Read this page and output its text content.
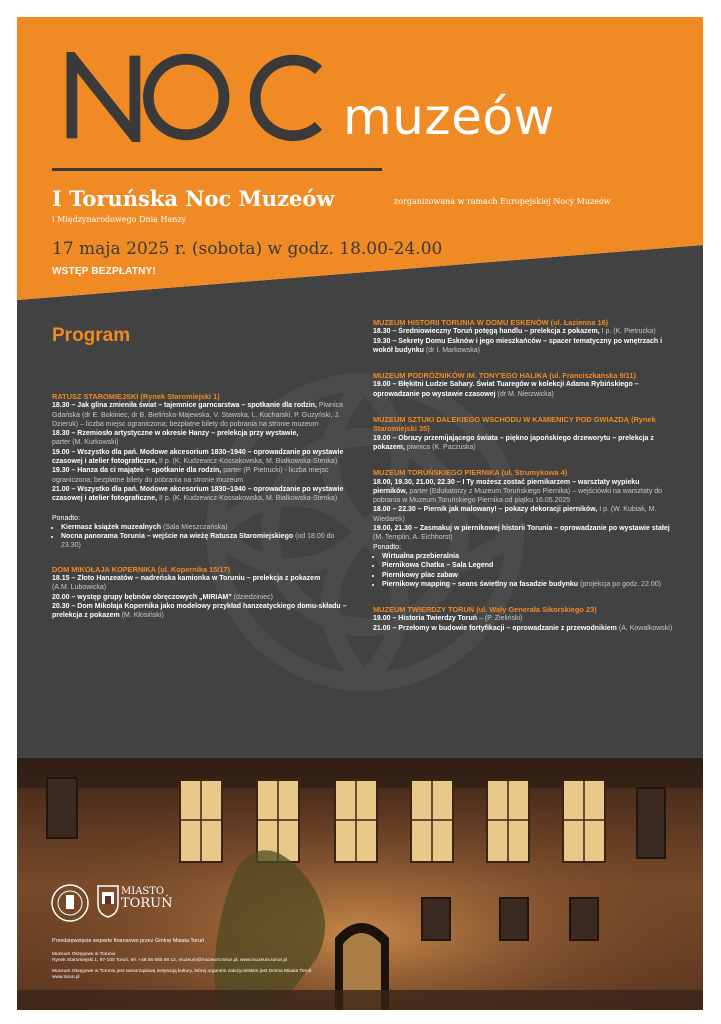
muzeów
I Toruńska Noc Muzeów	zorganizowana w ramach Europejskiej Nocy Muzeów
i Międzynarodowego Dnia Hanzy
17 maja 2025 r. (sobota) w godz. 18.00-24.00
WSTĘP BEZPŁATNY!
Program

RATUSZ STAROMIEJSKI (Rynek Staromiejski 1)

18.30 – Jak glina zmieniła świat – tajemnice garncarstwa – spotkanie dla rodzin, Piwnica Gdańska (dr E. Bokiniec, dr B. Bielińska-Majewska, V. Stawska, L. Kucharski, P. Guzyński, J. Dzieruk) – liczba miejsc ograniczona; bezpłatne bilety do pobrania na stronie muzeum

18.30 – Rzemiosło artystyczne w okresie Hanzy – prelekcja przy wystawie,
parter (M. Kurkowski)

19.00 – Wszystko dla pań. Modowe akcesorium 1830–1940 – oprowadzanie po wystawie czasowej i atelier fotograficzne, II p. (K. Kudzewicz-Kossakowska, M. Białkowska-Stenka)

19.30 – Hanza da ci majątek – spotkanie dla rodzin, parter (P. Pietrucki) - liczba miejsc ograniczona; bezpłatne bilety do pobrania na stronie muzeum

21.00 – Wszystko dla pań. Modowe akcesorium 1830–1940 – oprowadzanie po wystawie czasowej i atelier fotograficzne, II p. (K. Kudzewicz-Kossakowska, M. Białkowska-Stenka)

Ponadto:

• Kiermasz książek muzealnych (Sala Mieszczańska)
• Nocna panorama Torunia – wejście na wieżę Ratusza Staromiejskiego (od 18.00 do 23.30)

DOM MIKOŁAJA KOPERNIKA (ul. Kopernika 15/17)

18.15 – Złoto Hanzeatów – nadreńska kamionka w Toruniu – prelekcja z pokazem
(A.M. Lubowicka)

20.00 – występ grupy bębnów obręczowych „MIRIAM” (dziedziniec)

20.30 – Dom Mikołaja Kopernika jako modelowy przykład hanzeatyckiego domu-składu – prelekcja z pokazem (M. Kłosiński)

MUZEUM HISTORII TORUNIA W DOMU ESKENÓW (ul. Łazienna 16)

18.30 – Średniowieczny Toruń potęgą handlu – prelekcja z pokazem, I p. (K. Pietrucka)

19.30 – Sekrety Domu Esknów i jego mieszkańców – spacer tematyczny po wnętrzach i wokół budynku (dr I. Markowska)

MUZEUM PODRÓŻNIKÓW IM. TONY'EGO HALIKA (ul. Franciszkańska 9/11)

19.00 – Błękitni Ludzie Sahary. Świat Tuaregów w kolekcji Adama Rybińskiego – oprowadzanie po wystawie czasowej (dr M. Nierzwicka)

MUZEUM SZTUKI DALEKIEGO WSCHODU W KAMIENICY POD GWIAZDĄ (Rynek Staromiejski 35)

19.00 – Obrazy przemijającego świata – piękno japońskiego drzeworytu – prelekcja z pokazem, piwnica (K. Paczuska)

MUZEUM TORUŃSKIEGO PIERNIKA (ul. Strumykowa 4)

18.00, 19.30, 21.00, 22.30 – I Ty możesz zostać piernikarzem – warsztaty wypieku pierników, parter (Edukatorzy z Muzeum Toruńskiego Piernika) – wejściówki na warsztaty do pobrania w Muzeum Toruńskiego Piernika od piątku 16.05.2025

18.00 – 22.30 – Piernik jak malowany! – pokazy dekoracji pierników, I p. (W. Kubiak, M. Wiedarek)

19.00, 21.30 – Zasmakuj w piernikowej historii Torunia – oprowadzanie po wystawie stałej (M. Templin, A. Eichhorst)

Ponadto:

• Wirtualna przebieralnia
• Piernikowa Chatka – Sala Legend
• Piernikowy plac zabaw
• Piernikowy mapping – seans świetlny na fasadzie budynku (projekcja po godz. 22.00)

MUZEUM TWIERDZY TORUŃ (ul. Wały Generała Sikorskiego 23)

19.00 – Historia Twierdzy Toruń – (P. Zieliński)

21.00 – Przełomy w budowie fortyfikacji – oprowadzanie z przewodnikiem (A. Kowalkowski)

MIASTO
TORUŃ

Przedsięwzięcie wsparte finansowo przez Gminę Miasta Toruń

Muzeum Okręgowe w Toruniu
Rynek Staromiejski 1, 87-100 Toruń, tel. +48 56 660 56 12, muzeum@muzeum.torun.pl, www.muzeum.torun.pl

Muzeum Okręgowe w Toruniu jest samorządową instytucją kultury, której organem założycielskim jest Gmina Miasta Toruń
www.torun.pl
